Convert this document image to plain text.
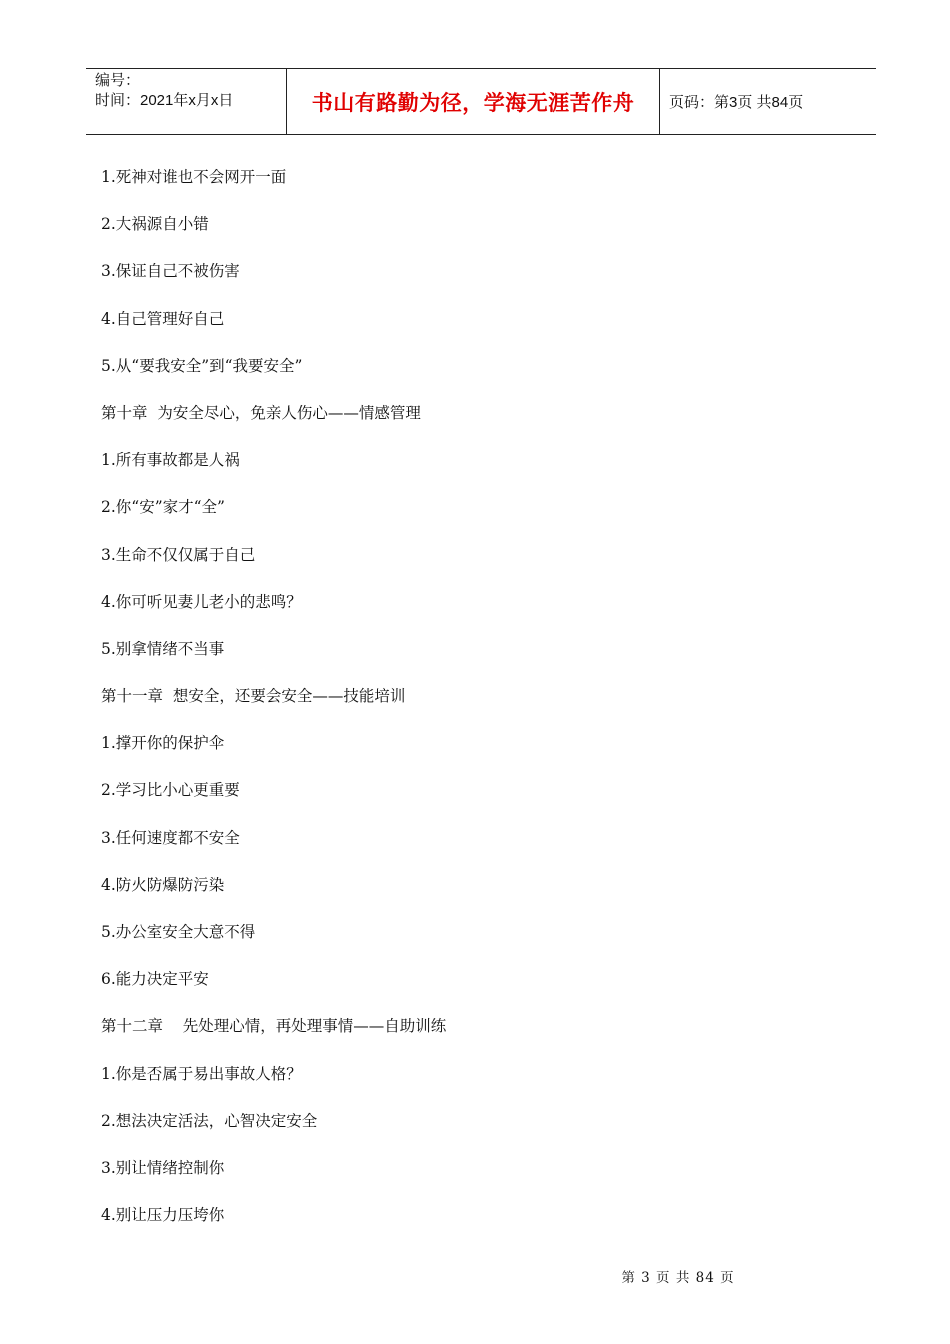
编号：
时间：2021年x月x日	书山有路勤为径，学海无涯苦作舟	页码：第3页 共84页
1.死神对谁也不会网开一面
2.大祸源自小错
3.保证自己不被伤害
4.自己管理好自己
5.从“要我安全”到“我要安全”
第十章  为安全尽心，免亲人伤心——情感管理
1.所有事故都是人祸
2.你“安”家才“全”
3.生命不仅仅属于自己
4.你可听见妻儿老小的悲鸣？
5.别拿情绪不当事
第十一章  想安全，还要会安全——技能培训
1.撑开你的保护伞
2.学习比小心更重要
3.任何速度都不安全
4.防火防爆防污染
5.办公室安全大意不得
6.能力决定平安
第十二章    先处理心情，再处理事情——自助训练
1.你是否属于易出事故人格？
2.想法决定活法，心智决定安全
3.别让情绪控制你
4.别让压力压垮你
第 3 页 共 84 页
